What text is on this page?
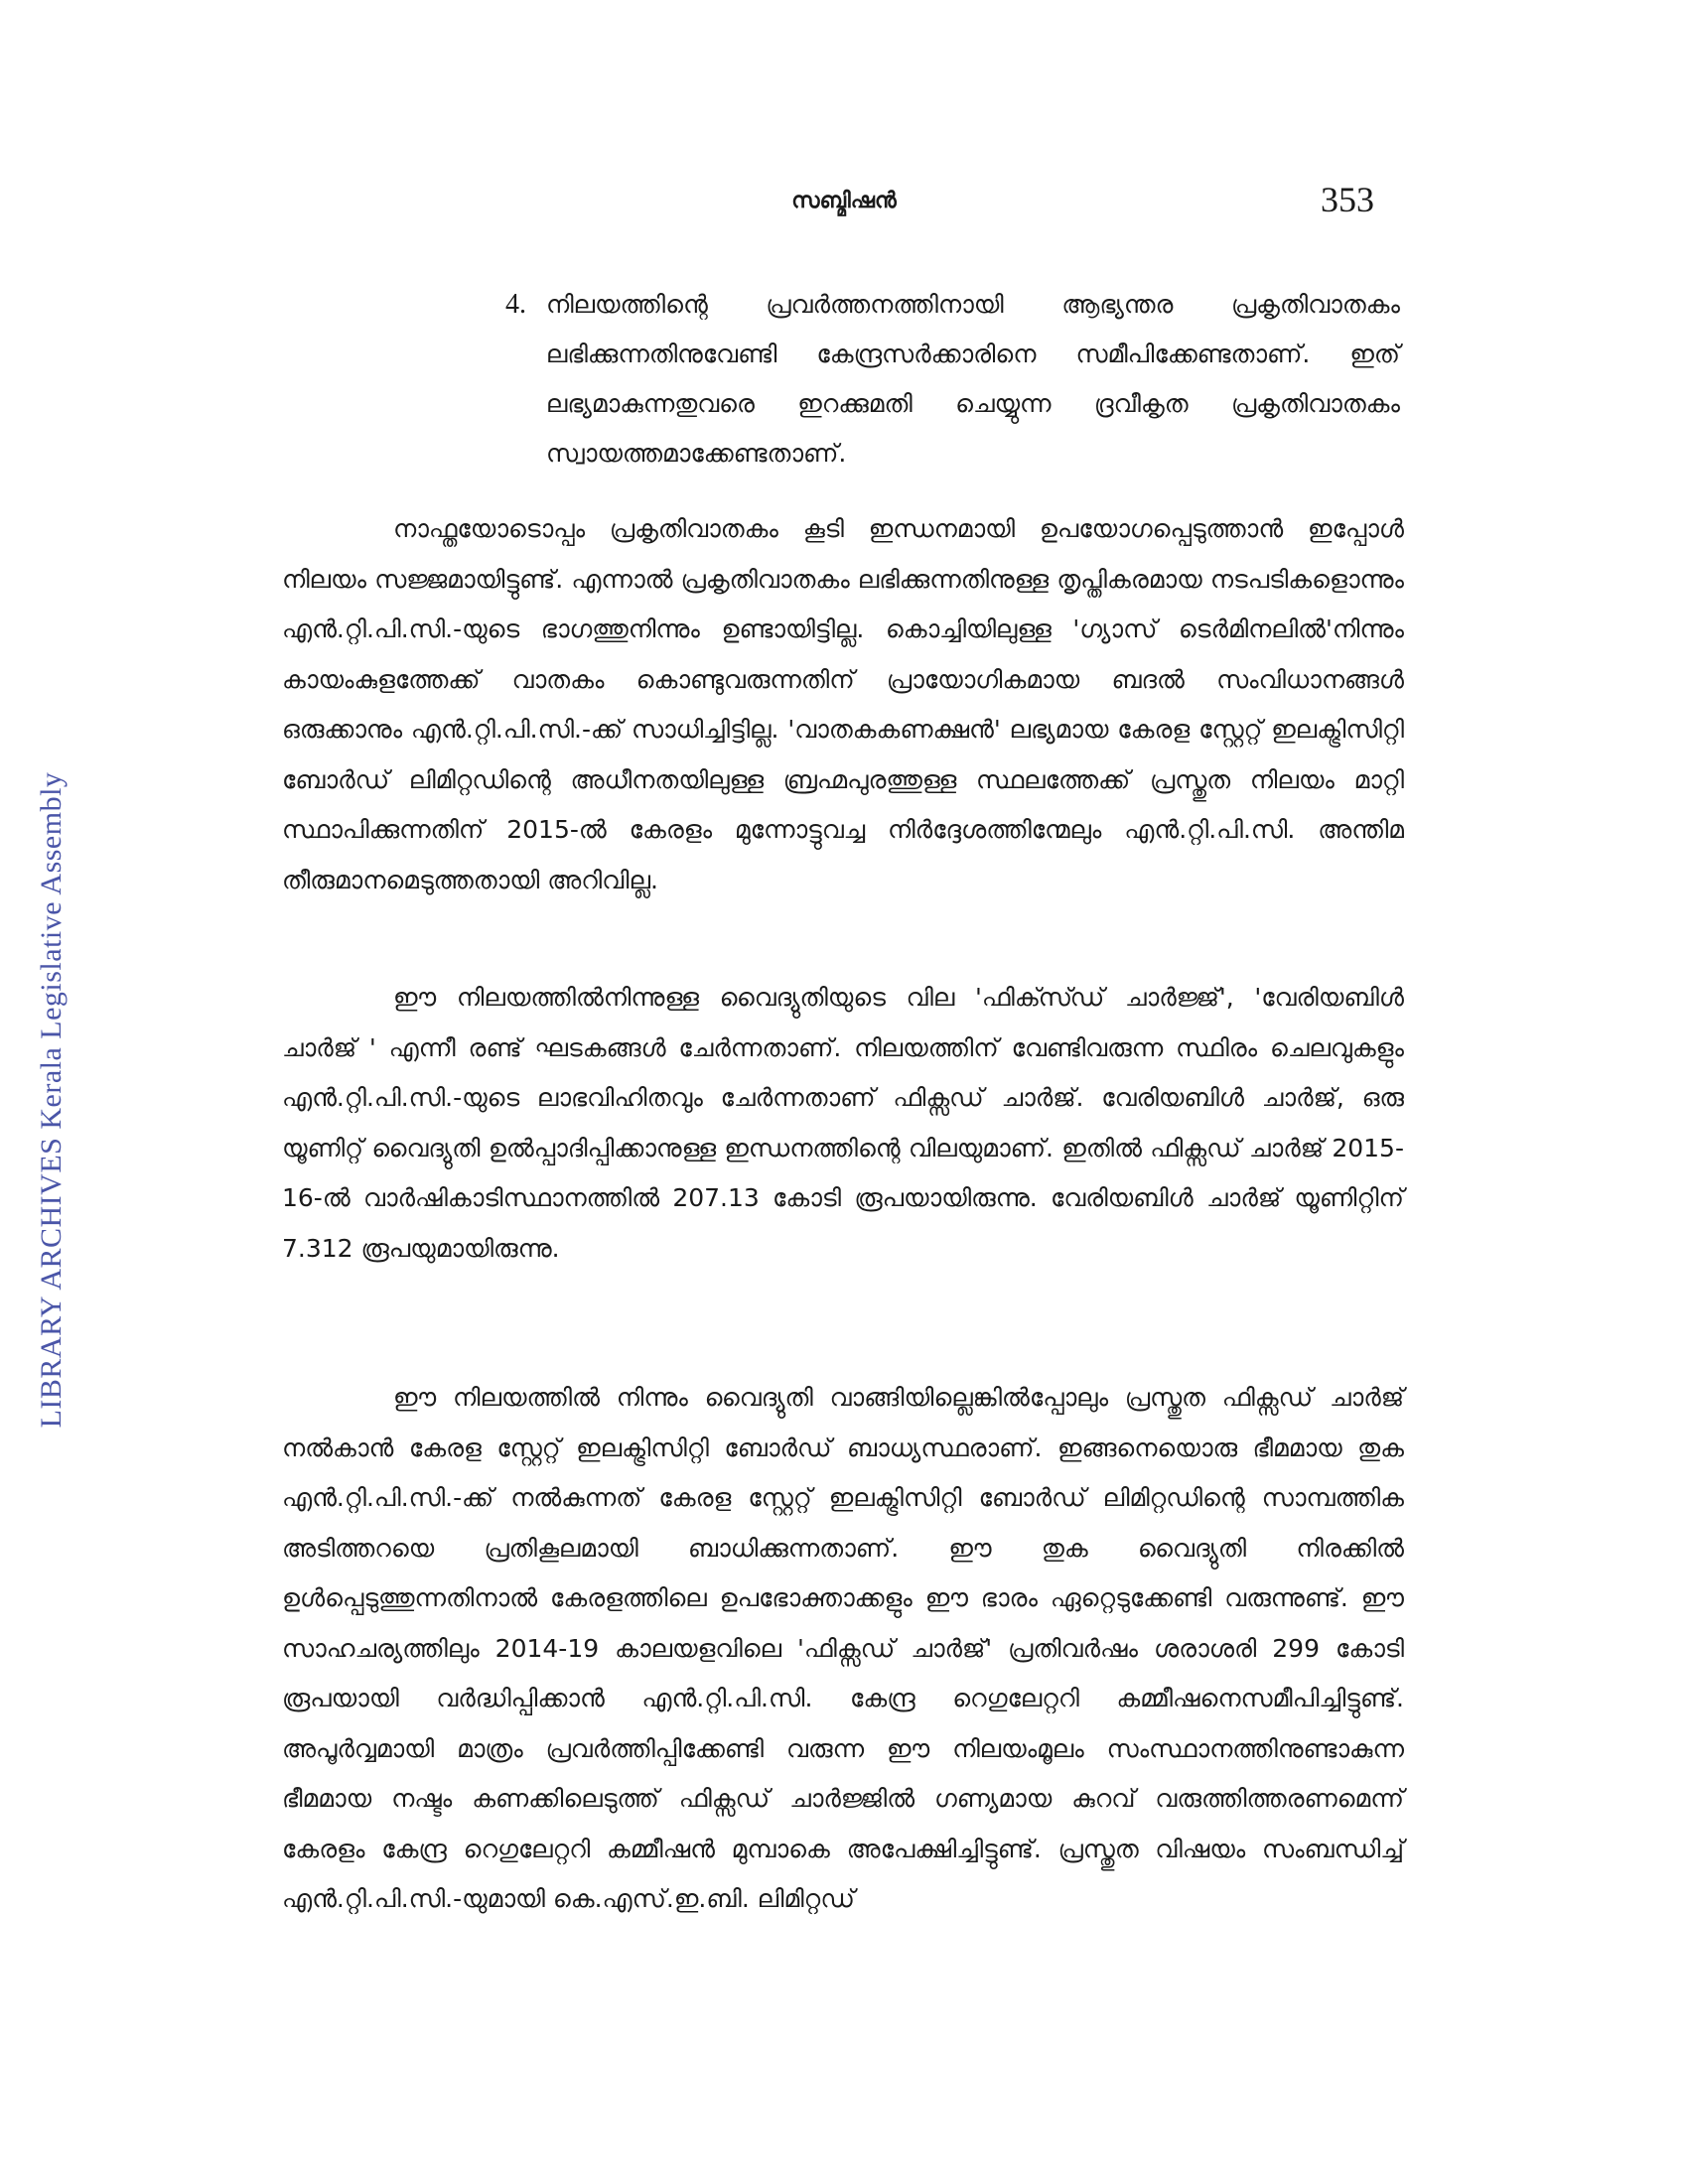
സബ്മിഷൻ	353
LIBRARY ARCHIVES Kerala Legislative Assembly
4. നിലയത്തിന്റെ പ്രവർത്തനത്തിനായി ആഭ്യന്തര പ്രകൃതിവാതകം ലഭിക്കുന്നതിനുവേണ്ടി കേന്ദ്രസർക്കാരിനെ സമീപിക്കേണ്ടതാണ്. ഇത് ലഭ്യമാകുന്നതുവരെ ഇറക്കുമതി ചെയ്യുന്ന ദ്രവീകൃത പ്രകൃതിവാതകം സ്വായത്തമാക്കേണ്ടതാണ്.

നാഫ്തയോടൊപ്പം പ്രകൃതിവാതകം കൂടി ഇന്ധനമായി ഉപയോഗപ്പെടുത്താൻ ഇപ്പോൾ നിലയം സജ്ജമായിട്ടുണ്ട്. എന്നാൽ പ്രകൃതിവാതകം ലഭിക്കുന്നതിനുള്ള തൃപ്തികരമായ നടപടികളൊന്നും എൻ.റ്റി.പി.സി.-യുടെ ഭാഗത്തുനിന്നും ഉണ്ടായിട്ടില്ല. കൊച്ചിയിലുള്ള 'ഗ്യാസ് ടെർമിനലിൽ'നിന്നും കായംകുളത്തേക്ക് വാതകം കൊണ്ടുവരുന്നതിന് പ്രായോഗികമായ ബദൽ സംവിധാനങ്ങൾ ഒരുക്കാനും എൻ.റ്റി.പി.സി.-ക്ക് സാധിച്ചിട്ടില്ല. 'വാതകകണക്ഷൻ' ലഭ്യമായ കേരള സ്റ്റേറ്റ് ഇലക്ട്രിസിറ്റി ബോർഡ് ലിമിറ്റഡിന്റെ അധീനതയിലുള്ള ബ്രഹ്മപുരത്തുള്ള സ്ഥലത്തേക്ക് പ്രസ്തുത നിലയം മാറ്റി സ്ഥാപിക്കുന്നതിന് 2015-ൽ കേരളം മുന്നോട്ടുവച്ച നിർദ്ദേശത്തിന്മേലും എൻ.റ്റി.പി.സി. അന്തിമ തീരുമാനമെടുത്തതായി അറിവില്ല.

ഈ നിലയത്തിൽനിന്നുള്ള വൈദ്യുതിയുടെ വില 'ഫിക്സ്ഡ് ചാർജ്ജ്', 'വേരിയബിൾ ചാർജ് ' എന്നീ രണ്ട് ഘടകങ്ങൾ ചേർന്നതാണ്. നിലയത്തിന് വേണ്ടിവരുന്ന സ്ഥിരം ചെലവുകളും എൻ.റ്റി.പി.സി.-യുടെ ലാഭവിഹിതവും ചേർന്നതാണ് ഫിക്സഡ് ചാർജ്. വേരിയബിൾ ചാർജ്, ഒരു യൂണിറ്റ് വൈദ്യുതി ഉൽപ്പാദിപ്പിക്കാനുള്ള ഇന്ധനത്തിന്റെ വിലയുമാണ്. ഇതിൽ ഫിക്സഡ് ചാർജ് 2015-16-ൽ വാർഷികാടിസ്ഥാനത്തിൽ 207.13 കോടി രൂപയായിരുന്നു. വേരിയബിൾ ചാർജ് യൂണിറ്റിന് 7.312 രൂപയുമായിരുന്നു.

ഈ നിലയത്തിൽ നിന്നും വൈദ്യുതി വാങ്ങിയില്ലെങ്കിൽപ്പോലും പ്രസ്തുത ഫിക്സഡ് ചാർജ് നൽകാൻ കേരള സ്റ്റേറ്റ് ഇലക്ട്രിസിറ്റി ബോർഡ് ബാധ്യസ്ഥരാണ്. ഇങ്ങനെയൊരു ഭീമമായ തുക എൻ.റ്റി.പി.സി.-ക്ക് നൽകുന്നത് കേരള സ്റ്റേറ്റ് ഇലക്ട്രിസിറ്റി ബോർഡ് ലിമിറ്റഡിന്റെ സാമ്പത്തിക അടിത്തറയെ പ്രതികൂലമായി ബാധിക്കുന്നതാണ്. ഈ തുക വൈദ്യുതി നിരക്കിൽ ഉൾപ്പെടുത്തുന്നതിനാൽ കേരളത്തിലെ ഉപഭോക്താക്കളും ഈ ഭാരം ഏറ്റെടുക്കേണ്ടി വരുന്നുണ്ട്. ഈ സാഹചര്യത്തിലും 2014-19 കാലയളവിലെ 'ഫിക്സഡ് ചാർജ്' പ്രതിവർഷം ശരാശരി 299 കോടി രൂപയായി വർദ്ധിപ്പിക്കാൻ എൻ.റ്റി.പി.സി. കേന്ദ്ര റെഗുലേറ്ററി കമ്മീഷനെസമീപിച്ചിട്ടുണ്ട്. അപൂർവ്വമായി മാത്രം പ്രവർത്തിപ്പിക്കേണ്ടി വരുന്ന ഈ നിലയംമൂലം സംസ്ഥാനത്തിനുണ്ടാകുന്ന ഭീമമായ നഷ്ടം കണക്കിലെടുത്ത് ഫിക്സഡ് ചാർജ്ജിൽ ഗണ്യമായ കുറവ് വരുത്തിത്തരണമെന്ന് കേരളം കേന്ദ്ര റെഗുലേറ്ററി കമ്മീഷൻ മുമ്പാകെ അപേക്ഷിച്ചിട്ടുണ്ട്. പ്രസ്തുത വിഷയം സംബന്ധിച്ച് എൻ.റ്റി.പി.സി.-യുമായി കെ.എസ്.ഇ.ബി. ലിമിറ്റഡ്
